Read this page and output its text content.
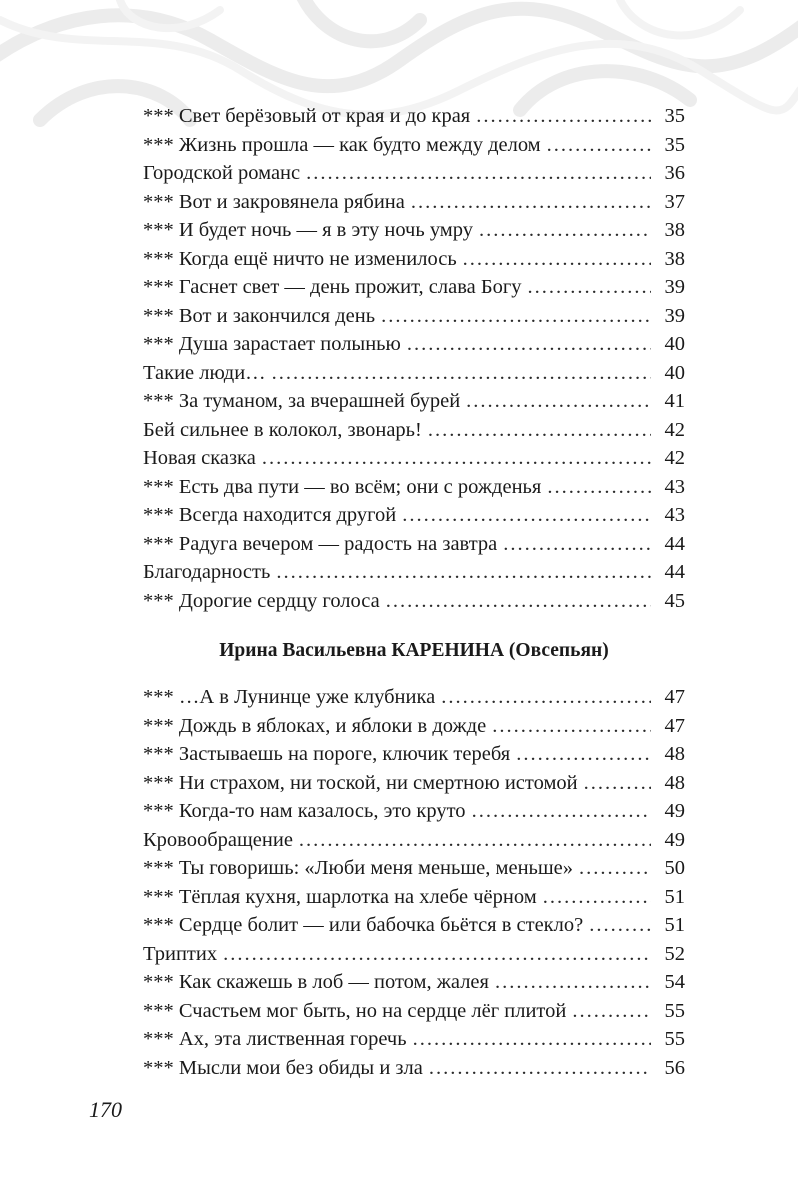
*** Свет берёзовый от края и до края .....	35
*** Жизнь прошла — как будто между делом .....	35
Городской романс .....	36
*** Вот и закровянела рябина .....	37
*** И будет ночь — я в эту ночь умру .....	38
*** Когда ещё ничто не изменилось .....	38
*** Гаснет свет — день прожит, слава Богу .....	39
*** Вот и закончился день .....	39
*** Душа зарастает полынью .....	40
Такие люди… .....	40
*** За туманом, за вчерашней бурей .....	41
Бей сильнее в колокол, звонарь! .....	42
Новая сказка .....	42
*** Есть два пути — во всём; они с рожденья .....	43
*** Всегда находится другой .....	43
*** Радуга вечером — радость на завтра .....	44
Благодарность .....	44
*** Дорогие сердцу голоса .....	45
Ирина Васильевна КАРЕНИНА (Овсепьян)
*** …А в Лунинце уже клубника .....	47
*** Дождь в яблоках, и яблоки в дожде .....	47
*** Застываешь на пороге, ключик теребя .....	48
*** Ни страхом, ни тоской, ни смертною истомой .....	48
*** Когда-то нам казалось, это круто .....	49
Кровообращение .....	49
*** Ты говоришь: «Люби меня меньше, меньше» .....	50
*** Тёплая кухня, шарлотка на хлебе чёрном .....	51
*** Сердце болит — или бабочка бьётся в стекло? .....	51
Триптих .....	52
*** Как скажешь в лоб — потом, жалея .....	54
*** Счастьем мог быть, но на сердце лёг плитой .....	55
*** Ах, эта лиственная горечь .....	55
*** Мысли мои без обиды и зла .....	56
170
